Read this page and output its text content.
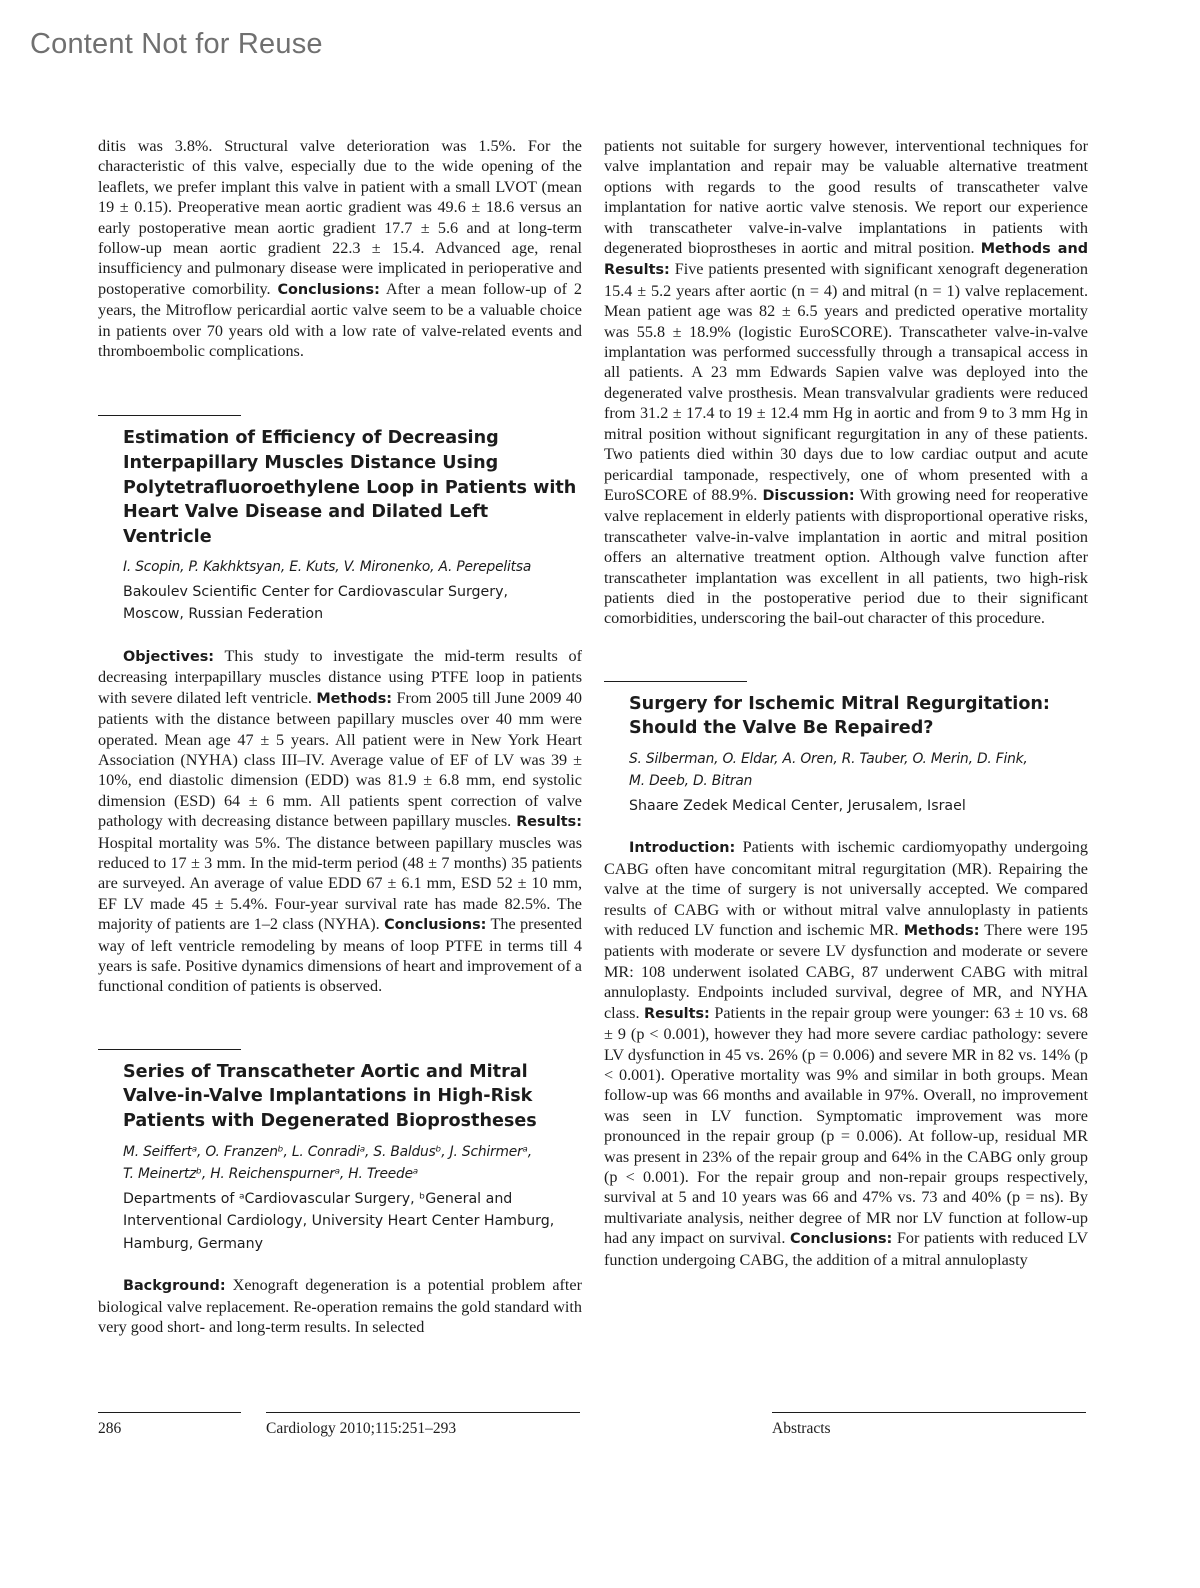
Content Not for Reuse

ditis was 3.8%. Structural valve deterioration was 1.5%. For the characteristic of this valve, especially due to the wide opening of the leaflets, we prefer implant this valve in patient with a small LVOT (mean 19 ± 0.15). Preoperative mean aortic gradient was 49.6 ± 18.6 versus an early postoperative mean aortic gradient 17.7 ± 5.6 and at long-term follow-up mean aortic gradient 22.3 ± 15.4. Advanced age, renal insufficiency and pulmonary disease were implicated in perioperative and postoperative comorbility. Conclusions: After a mean follow-up of 2 years, the Mitroflow pericardial aortic valve seem to be a valuable choice in patients over 70 years old with a low rate of valve-related events and thromboembolic complications.

Estimation of Efficiency of Decreasing Interpapillary Muscles Distance Using Polytetrafluoroethylene Loop in Patients with Heart Valve Disease and Dilated Left Ventricle
I. Scopin, P. Kakhktsyan, E. Kuts, V. Mironenko, A. Perepelitsa
Bakoulev Scientific Center for Cardiovascular Surgery,
Moscow, Russian Federation

Objectives: This study to investigate the mid-term results of decreasing interpapillary muscles distance using PTFE loop in patients with severe dilated left ventricle. Methods: From 2005 till June 2009 40 patients with the distance between papillary muscles over 40 mm were operated. Mean age 47 ± 5 years. All patient were in New York Heart Association (NYHA) class III–IV. Average value of EF of LV was 39 ± 10%, end diastolic dimension (EDD) was 81.9 ± 6.8 mm, end systolic dimension (ESD) 64 ± 6 mm. All patients spent correction of valve pathology with decreasing distance between papillary muscles. Results: Hospital mortality was 5%. The distance between papillary muscles was reduced to 17 ± 3 mm. In the mid-term period (48 ± 7 months) 35 patients are surveyed. An average of value EDD 67 ± 6.1 mm, ESD 52 ± 10 mm, EF LV made 45 ± 5.4%. Four-year survival rate has made 82.5%. The majority of patients are 1–2 class (NYHA). Conclusions: The presented way of left ventricle remodeling by means of loop PTFE in terms till 4 years is safe. Positive dynamics dimensions of heart and improvement of a functional condition of patients is observed.

Series of Transcatheter Aortic and Mitral Valve-in-Valve Implantations in High-Risk Patients with Degenerated Bioprostheses
M. Seiffertᵃ, O. Franzenᵇ, L. Conradiᵃ, S. Baldusᵇ, J. Schirmerᵃ,
T. Meinertzᵇ, H. Reichenspurnerᵃ, H. Treedeᵃ
Departments of ᵃCardiovascular Surgery, ᵇGeneral and
Interventional Cardiology, University Heart Center Hamburg,
Hamburg, Germany

Background: Xenograft degeneration is a potential problem after biological valve replacement. Re-operation remains the gold standard with very good short- and long-term results. In selected

patients not suitable for surgery however, interventional techniques for valve implantation and repair may be valuable alternative treatment options with regards to the good results of transcatheter valve implantation for native aortic valve stenosis. We report our experience with transcatheter valve-in-valve implantations in patients with degenerated bioprostheses in aortic and mitral position. Methods and Results: Five patients presented with significant xenograft degeneration 15.4 ± 5.2 years after aortic (n = 4) and mitral (n = 1) valve replacement. Mean patient age was 82 ± 6.5 years and predicted operative mortality was 55.8 ± 18.9% (logistic EuroSCORE). Transcatheter valve-in-valve implantation was performed successfully through a transapical access in all patients. A 23 mm Edwards Sapien valve was deployed into the degenerated valve prosthesis. Mean transvalvular gradients were reduced from 31.2 ± 17.4 to 19 ± 12.4 mm Hg in aortic and from 9 to 3 mm Hg in mitral position without significant regurgitation in any of these patients. Two patients died within 30 days due to low cardiac output and acute pericardial tamponade, respectively, one of whom presented with a EuroSCORE of 88.9%. Discussion: With growing need for reoperative valve replacement in elderly patients with disproportional operative risks, transcatheter valve-in-valve implantation in aortic and mitral position offers an alternative treatment option. Although valve function after transcatheter implantation was excellent in all patients, two high-risk patients died in the postoperative period due to their significant comorbidities, underscoring the bail-out character of this procedure.

Surgery for Ischemic Mitral Regurgitation: Should the Valve Be Repaired?
S. Silberman, O. Eldar, A. Oren, R. Tauber, O. Merin, D. Fink,
M. Deeb, D. Bitran
Shaare Zedek Medical Center, Jerusalem, Israel

Introduction: Patients with ischemic cardiomyopathy undergoing CABG often have concomitant mitral regurgitation (MR). Repairing the valve at the time of surgery is not universally accepted. We compared results of CABG with or without mitral valve annuloplasty in patients with reduced LV function and ischemic MR. Methods: There were 195 patients with moderate or severe LV dysfunction and moderate or severe MR: 108 underwent isolated CABG, 87 underwent CABG with mitral annuloplasty. Endpoints included survival, degree of MR, and NYHA class. Results: Patients in the repair group were younger: 63 ± 10 vs. 68 ± 9 (p < 0.001), however they had more severe cardiac pathology: severe LV dysfunction in 45 vs. 26% (p = 0.006) and severe MR in 82 vs. 14% (p < 0.001). Operative mortality was 9% and similar in both groups. Mean follow-up was 66 months and available in 97%. Overall, no improvement was seen in LV function. Symptomatic improvement was more pronounced in the repair group (p = 0.006). At follow-up, residual MR was present in 23% of the repair group and 64% in the CABG only group (p < 0.001). For the repair group and non-repair groups respectively, survival at 5 and 10 years was 66 and 47% vs. 73 and 40% (p = ns). By multivariate analysis, neither degree of MR nor LV function at follow-up had any impact on survival. Conclusions: For patients with reduced LV function undergoing CABG, the addition of a mitral annuloplasty

286	Cardiology 2010;115:251–293	Abstracts
